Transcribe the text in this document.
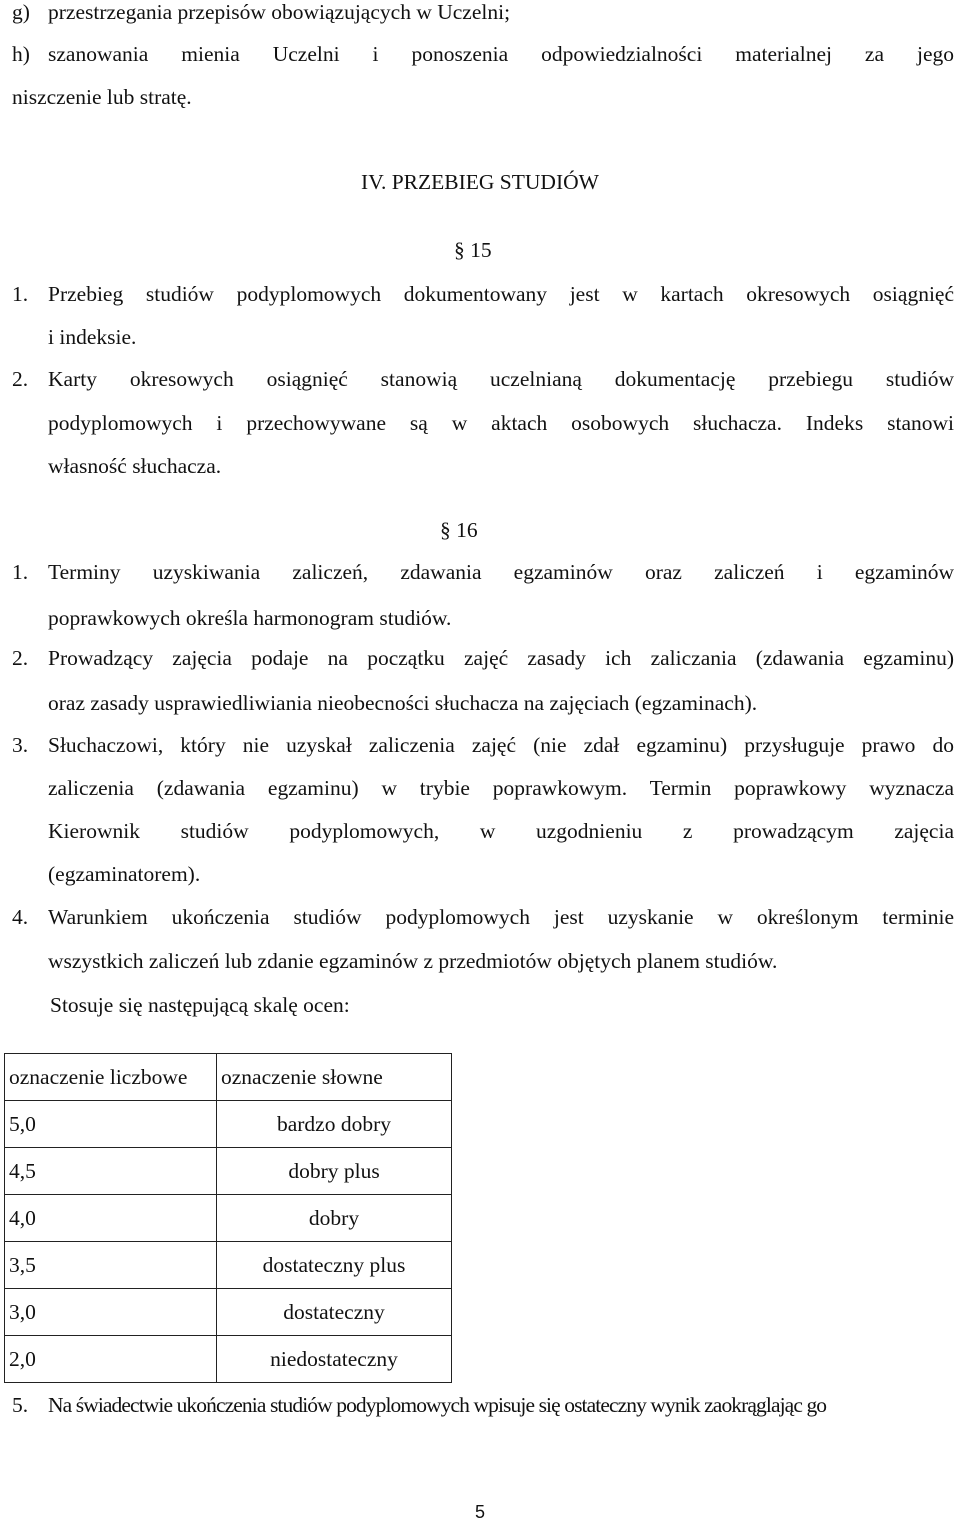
g) przestrzegania przepisów obowiązujących w Uczelni;
h) szanowania mienia Uczelni i ponoszenia odpowiedzialności materialnej za jego
niszczenie lub stratę.
IV. PRZEBIEG STUDIÓW
§ 15
1. Przebieg studiów podyplomowych dokumentowany jest w kartach okresowych osiągnięć
i indeksie.
2. Karty okresowych osiągnięć stanowią uczelnianą dokumentację przebiegu studiów
podyplomowych i przechowywane są w aktach osobowych słuchacza. Indeks stanowi
własność słuchacza.
§ 16
1. Terminy uzyskiwania zaliczeń, zdawania egzaminów oraz zaliczeń i egzaminów
poprawkowych określa harmonogram studiów.
2. Prowadzący zajęcia podaje na początku zajęć zasady ich zaliczania (zdawania egzaminu)
oraz zasady usprawiedliwiania nieobecności słuchacza na zajęciach (egzaminach).
3. Słuchaczowi, który nie uzyskał zaliczenia zajęć (nie zdał egzaminu) przysługuje prawo do
zaliczenia (zdawania egzaminu) w trybie poprawkowym. Termin poprawkowy wyznacza
Kierownik studiów podyplomowych, w uzgodnieniu z prowadzącym zajęcia
(egzaminatorem).
4. Warunkiem ukończenia studiów podyplomowych jest uzyskanie w określonym terminie
wszystkich zaliczeń lub zdanie egzaminów z przedmiotów objętych planem studiów.
Stosuje się następującą skalę ocen:
oznaczenie liczbowe	oznaczenie słowne
5,0	bardzo dobry
4,5	dobry plus
4,0	dobry
3,5	dostateczny plus
3,0	dostateczny
2,0	niedostateczny
5. Na świadectwie ukończenia studiów podyplomowych wpisuje się ostateczny wynik zaokrąglając go
5
